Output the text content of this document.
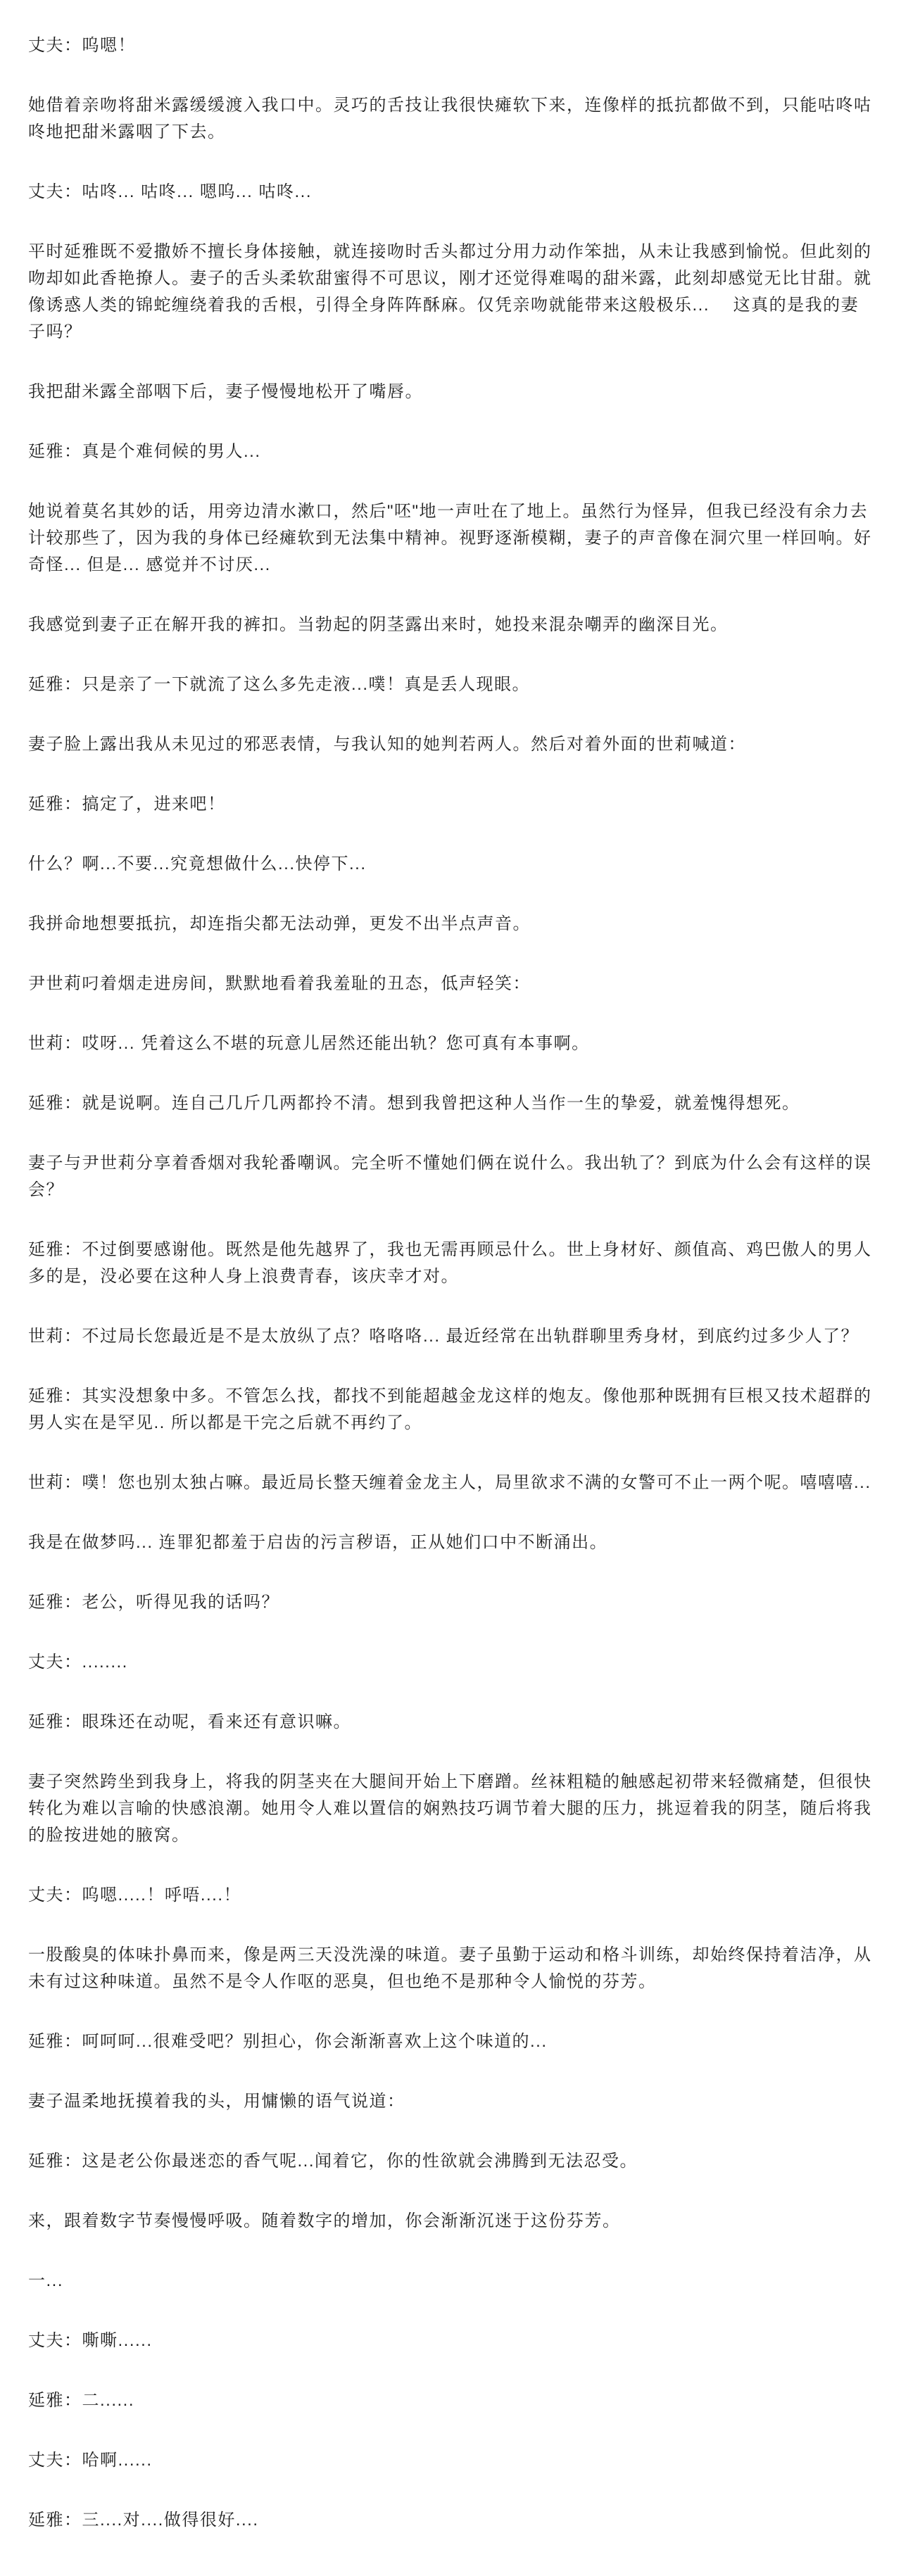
丈夫：呜嗯！

她借着亲吻将甜米露缓缓渡入我口中。灵巧的舌技让我很快瘫软下来，连像样的抵抗都做不到，只能咕咚咕咚地把甜米露咽了下去。

丈夫：咕咚... 咕咚... 嗯呜... 咕咚...

平时延雅既不爱撒娇不擅长身体接触，就连接吻时舌头都过分用力动作笨拙，从未让我感到愉悦。但此刻的吻却如此香艳撩人。妻子的舌头柔软甜蜜得不可思议，刚才还觉得难喝的甜米露，此刻却感觉无比甘甜。就像诱惑人类的锦蛇缠绕着我的舌根，引得全身阵阵酥麻。仅凭亲吻就能带来这般极乐...　 这真的是我的妻子吗？

我把甜米露全部咽下后，妻子慢慢地松开了嘴唇。

延雅：真是个难伺候的男人...

她说着莫名其妙的话，用旁边清水漱口，然后"呸"地一声吐在了地上。虽然行为怪异，但我已经没有余力去计较那些了，因为我的身体已经瘫软到无法集中精神。视野逐渐模糊，妻子的声音像在洞穴里一样回响。好奇怪... 但是... 感觉并不讨厌...

我感觉到妻子正在解开我的裤扣。当勃起的阴茎露出来时，她投来混杂嘲弄的幽深目光。

延雅：只是亲了一下就流了这么多先走液...噗！真是丢人现眼。

妻子脸上露出我从未见过的邪恶表情，与我认知的她判若两人。然后对着外面的世莉喊道：

延雅：搞定了，进来吧！

什么？啊...不要...究竟想做什么...快停下...

我拼命地想要抵抗，却连指尖都无法动弹，更发不出半点声音。

尹世莉叼着烟走进房间，默默地看着我羞耻的丑态，低声轻笑：

世莉：哎呀... 凭着这么不堪的玩意儿居然还能出轨？您可真有本事啊。

延雅：就是说啊。连自己几斤几两都拎不清。想到我曾把这种人当作一生的挚爱，就羞愧得想死。

妻子与尹世莉分享着香烟对我轮番嘲讽。完全听不懂她们俩在说什么。我出轨了？到底为什么会有这样的误会？

延雅：不过倒要感谢他。既然是他先越界了，我也无需再顾忌什么。世上身材好、颜值高、鸡巴傲人的男人多的是，没必要在这种人身上浪费青春，该庆幸才对。

世莉：不过局长您最近是不是太放纵了点？咯咯咯... 最近经常在出轨群聊里秀身材，到底约过多少人了？

延雅：其实没想象中多。不管怎么找，都找不到能超越金龙这样的炮友。像他那种既拥有巨根又技术超群的男人实在是罕见.. 所以都是干完之后就不再约了。

世莉：噗！您也别太独占嘛。最近局长整天缠着金龙主人，局里欲求不满的女警可不止一两个呢。嘻嘻嘻...

我是在做梦吗... 连罪犯都羞于启齿的污言秽语，正从她们口中不断涌出。

延雅：老公，听得见我的话吗？

丈夫：........

延雅：眼珠还在动呢，看来还有意识嘛。

妻子突然跨坐到我身上，将我的阴茎夹在大腿间开始上下磨蹭。丝袜粗糙的触感起初带来轻微痛楚，但很快转化为难以言喻的快感浪潮。她用令人难以置信的娴熟技巧调节着大腿的压力，挑逗着我的阴茎，随后将我的脸按进她的腋窝。

丈夫：呜嗯.....！呼唔....！

一股酸臭的体味扑鼻而来，像是两三天没洗澡的味道。妻子虽勤于运动和格斗训练，却始终保持着洁净，从未有过这种味道。虽然不是令人作呕的恶臭，但也绝不是那种令人愉悦的芬芳。

延雅：呵呵呵...很难受吧？别担心，你会渐渐喜欢上这个味道的...

妻子温柔地抚摸着我的头，用慵懒的语气说道：

延雅：这是老公你最迷恋的香气呢...闻着它，你的性欲就会沸腾到无法忍受。

来，跟着数字节奏慢慢呼吸。随着数字的增加，你会渐渐沉迷于这份芬芳。

一...

丈夫：嘶嘶......

延雅：二......

丈夫：哈啊......

延雅：三....对....做得很好....
